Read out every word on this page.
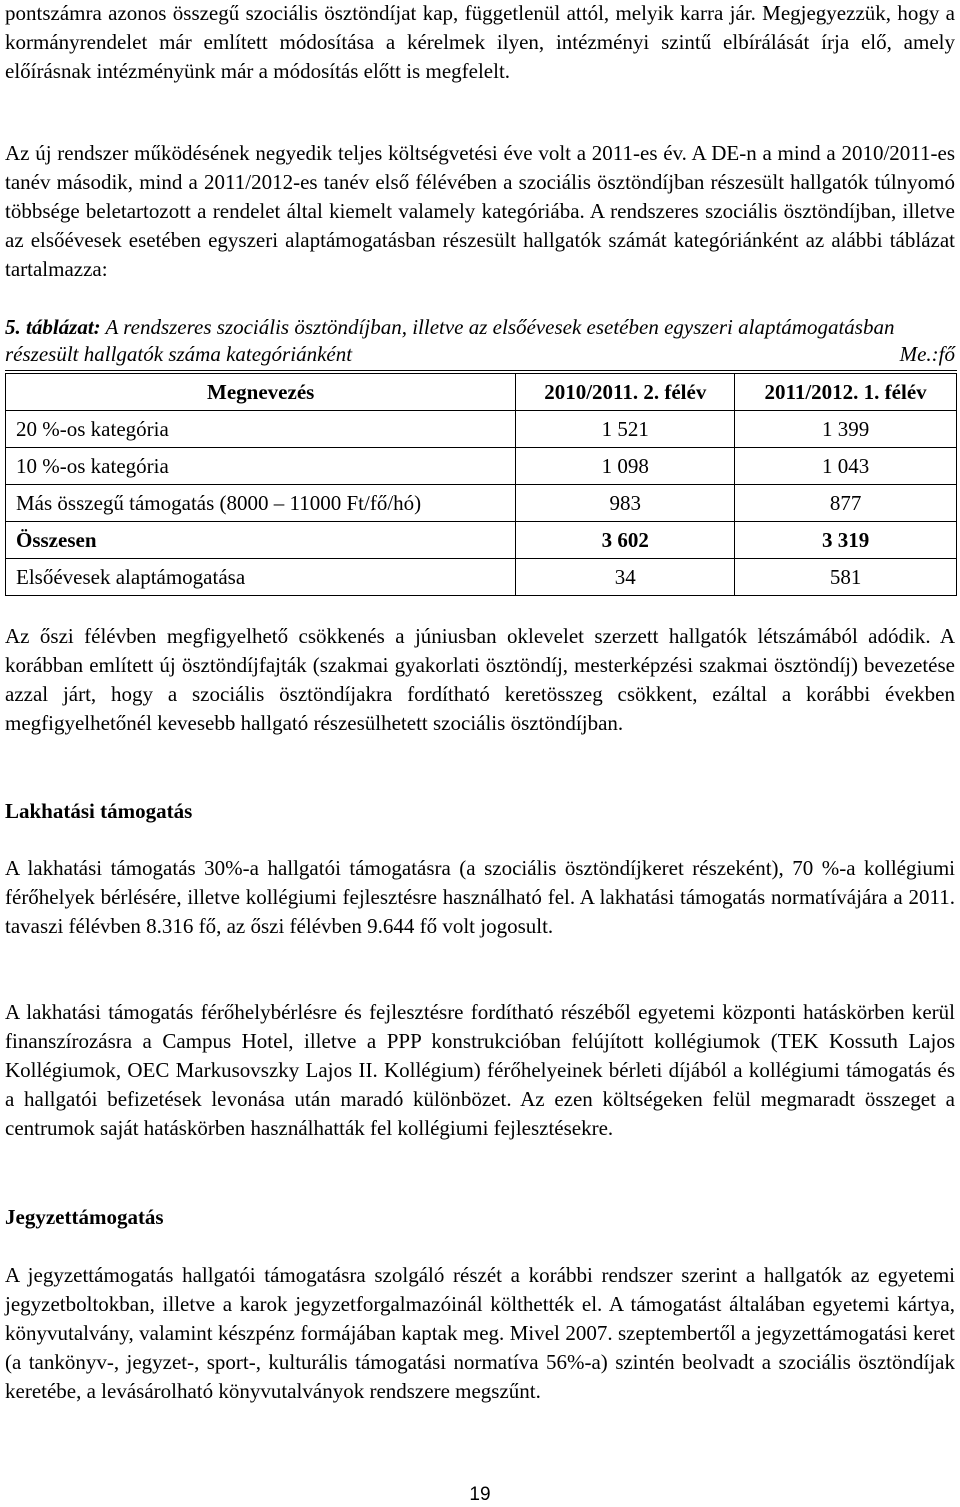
pontszámra azonos összegű szociális ösztöndíjat kap, függetlenül attól, melyik karra jár. Megjegyezzük, hogy a kormányrendelet már említett módosítása a kérelmek ilyen, intézményi szintű elbírálását írja elő, amely előírásnak intézményünk már a módosítás előtt is megfelelt.

Az új rendszer működésének negyedik teljes költségvetési éve volt a 2011-es év. A DE-n a mind a 2010/2011-es tanév második, mind a 2011/2012-es tanév első félévében a szociális ösztöndíjban részesült hallgatók túlnyomó többsége beletartozott a rendelet által kiemelt valamely kategóriába. A rendszeres szociális ösztöndíjban, illetve az elsőévesek esetében egyszeri alaptámogatásban részesült hallgatók számát kategóriánként az alábbi táblázat tartalmazza:

5. táblázat: A rendszeres szociális ösztöndíjban, illetve az elsőévesek esetében egyszeri alaptámogatásban részesült hallgatók száma kategóriánként	Me.:fő
Megnevezés	2010/2011. 2. félév	2011/2012. 1. félév
20 %-os kategória	1 521	1 399
10 %-os kategória	1 098	1 043
Más összegű támogatás (8000 – 11000 Ft/fő/hó)	983	877
Összesen	3 602	3 319
Elsőévesek alaptámogatása	34	581

Az őszi félévben megfigyelhető csökkenés a júniusban oklevelet szerzett hallgatók létszámából adódik. A korábban említett új ösztöndíjfajták (szakmai gyakorlati ösztöndíj, mesterképzési szakmai ösztöndíj) bevezetése azzal járt, hogy a szociális ösztöndíjakra fordítható keretösszeg csökkent, ezáltal a korábbi években megfigyelhetőnél kevesebb hallgató részesülhetett szociális ösztöndíjban.

Lakhatási támogatás

A lakhatási támogatás 30%-a hallgatói támogatásra (a szociális ösztöndíjkeret részeként), 70 %-a kollégiumi férőhelyek bérlésére, illetve kollégiumi fejlesztésre használható fel. A lakhatási támogatás normatívájára a 2011. tavaszi félévben 8.316 fő, az őszi félévben 9.644 fő volt jogosult.

A lakhatási támogatás férőhelybérlésre és fejlesztésre fordítható részéből egyetemi központi hatáskörben kerül finanszírozásra a Campus Hotel, illetve a PPP konstrukcióban felújított kollégiumok (TEK Kossuth Lajos Kollégiumok, OEC Markusovszky Lajos II. Kollégium) férőhelyeinek bérleti díjából a kollégiumi támogatás és a hallgatói befizetések levonása után maradó különbözet. Az ezen költségeken felül megmaradt összeget a centrumok saját hatáskörben használhatták fel kollégiumi fejlesztésekre.

Jegyzettámogatás

A jegyzettámogatás hallgatói támogatásra szolgáló részét a korábbi rendszer szerint a hallgatók az egyetemi jegyzetboltokban, illetve a karok jegyzetforgalmazóinál költhették el. A támogatást általában egyetemi kártya, könyvutalvány, valamint készpénz formájában kaptak meg. Mivel 2007. szeptembertől a jegyzettámogatási keret (a tankönyv-, jegyzet-, sport-, kulturális támogatási normatíva 56%-a) szintén beolvadt a szociális ösztöndíjak keretébe, a levásárolható könyvutalványok rendszere megszűnt.

19
